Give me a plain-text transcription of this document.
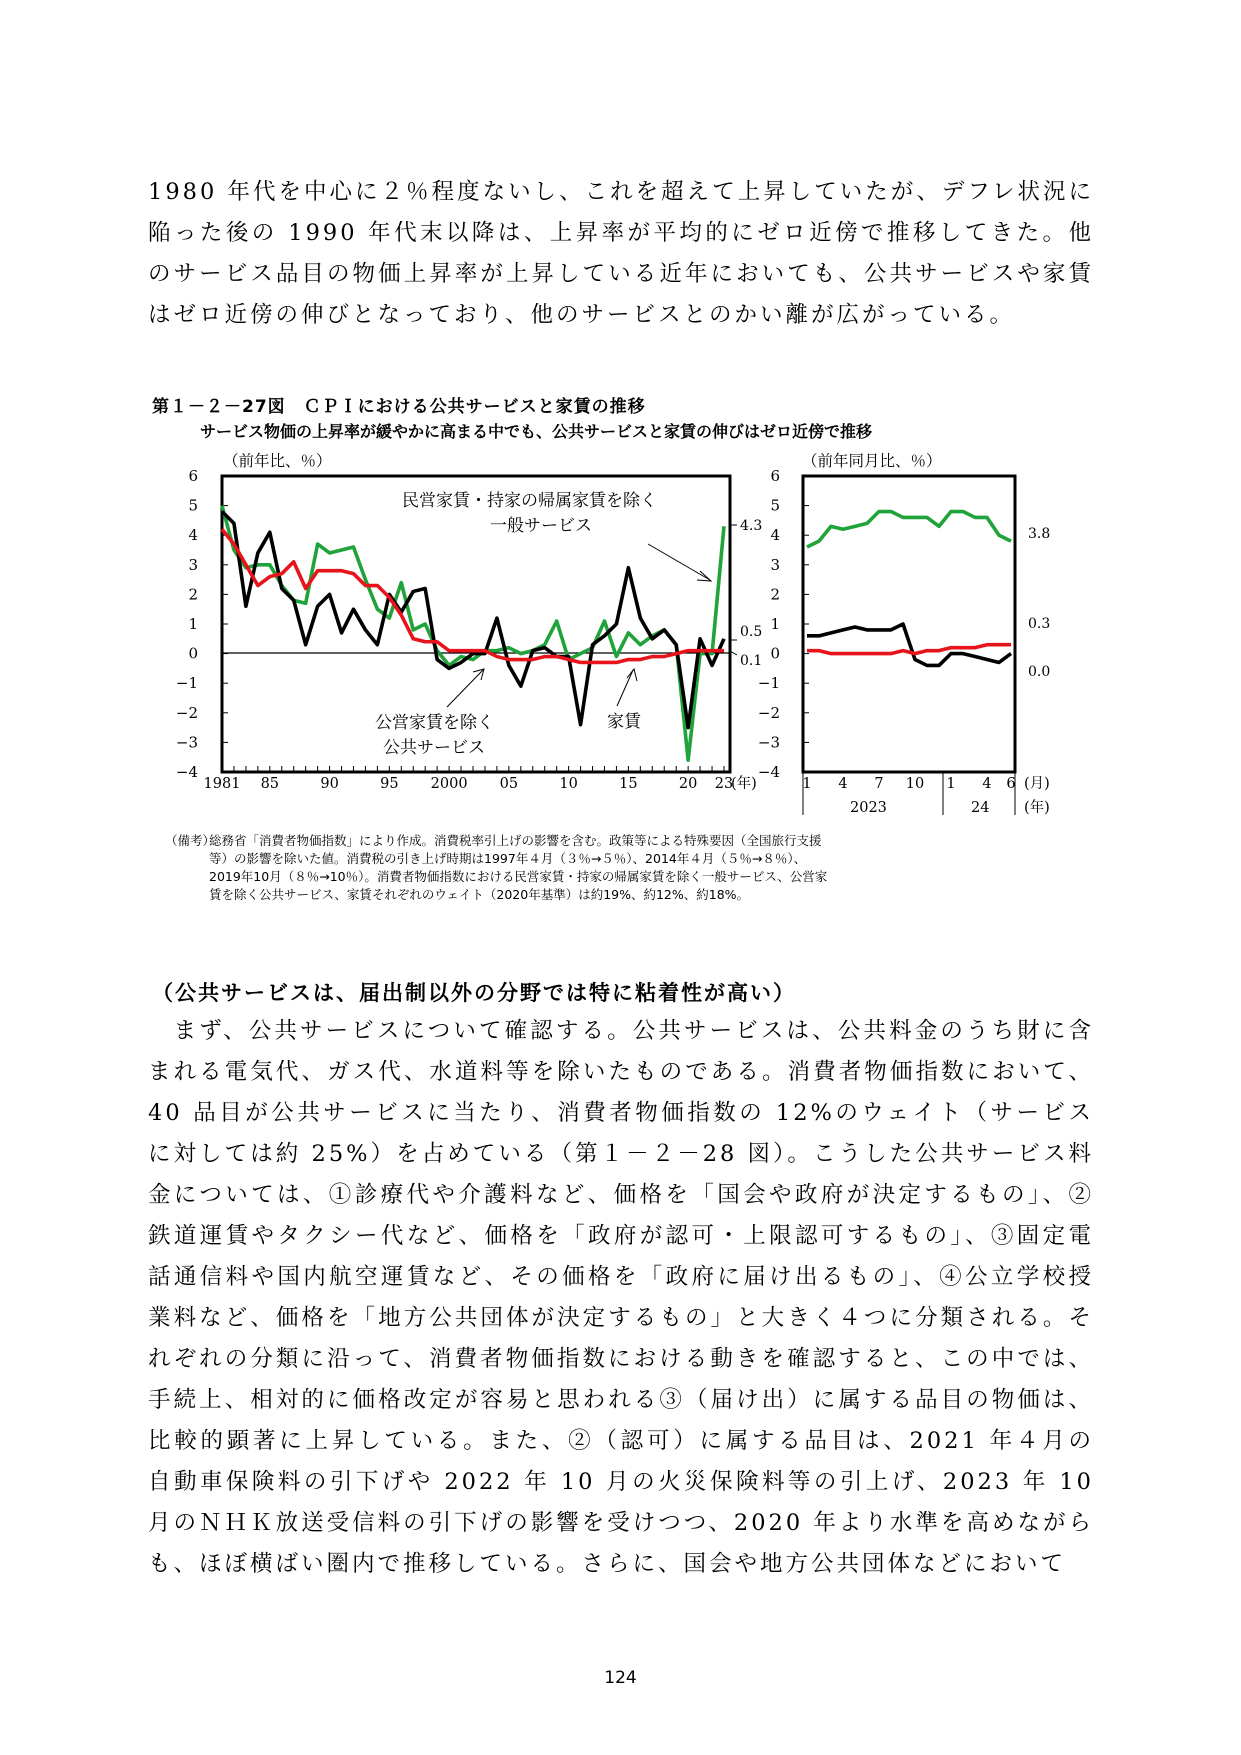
1980 年代を中心に２％程度ないし、これを超えて上昇していたが、デフレ状況に陥った後の 1990 年代末以降は、上昇率が平均的にゼロ近傍で推移してきた。他のサービス品目の物価上昇率が上昇している近年においても、公共サービスや家賃はゼロ近傍の伸びとなっており、他のサービスとのかい離が広がっている。

第１－２－27図　ＣＰＩにおける公共サービスと家賃の推移
サービス物価の上昇率が緩やかに高まる中でも、公共サービスと家賃の伸びはゼロ近傍で推移
（前年比、％）	（前年同月比、％）
6
5
4
3
2
1
0
−1
−2
−3
−4
1981 85	90	95 2000 05	10	15	20 23
(年)
4.3
0.5
0.1
民営家賃・持家の帰属家賃を除く
一般サービス
公営家賃を除く
公共サービス
家賃
6
5
4
3
2
1
0
−1
−2
−3
−4
1 4 7 10 1 4 6 (月)
2023	24 (年)
3.8
0.3
0.0
（備考）
総務省「消費者物価指数」により作成。消費税率引上げの影響を含む。政策等による特殊要因（全国旅行支援
等）の影響を除いた値。消費税の引き上げ時期は1997年４月（３％→５％）、2014年４月（５％→８％）、
2019年10月（８％→10％）。消費者物価指数における民営家賃・持家の帰属家賃を除く一般サービス、公営家
賃を除く公共サービス、家賃それぞれのウェイト（2020年基準）は約19%、約12%、約18%。
（公共サービスは、届出制以外の分野では特に粘着性が高い）

　まず、公共サービスについて確認する。公共サービスは、公共料金のうち財に含まれる電気代、ガス代、水道料等を除いたものである。消費者物価指数において、40 品目が公共サービスに当たり、消費者物価指数の 12%のウェイト（サービスに対しては約 25%）を占めている（第１－２－28 図）。こうした公共サービス料金については、①診療代や介護料など、価格を「国会や政府が決定するもの」、②鉄道運賃やタクシー代など、価格を「政府が認可・上限認可するもの」、③固定電話通信料や国内航空運賃など、その価格を「政府に届け出るもの」、④公立学校授業料など、価格を「地方公共団体が決定するもの」と大きく４つに分類される。それぞれの分類に沿って、消費者物価指数における動きを確認すると、この中では、手続上、相対的に価格改定が容易と思われる③（届け出）に属する品目の物価は、比較的顕著に上昇している。また、②（認可）に属する品目は、2021 年４月の自動車保険料の引下げや 2022 年 10 月の火災保険料等の引上げ、2023 年 10 月のＮＨＫ放送受信料の引下げの影響を受けつつ、2020 年より水準を高めながらも、ほぼ横ばい圏内で推移している。さらに、国会や地方公共団体などにおいて

124
